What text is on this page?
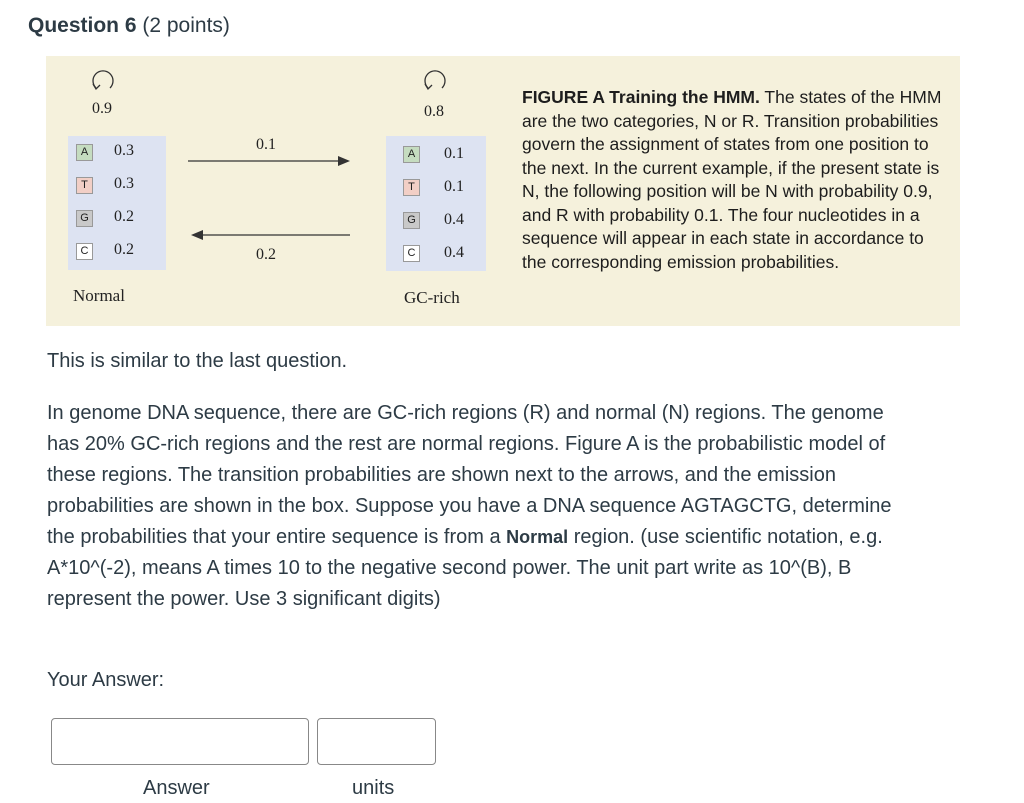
Question 6 (2 points)
0.9
A	0.3
T	0.3
G 0.2
C 0.2
Normal
0.1
0.2
0.8
A	0.1
T	0.1
G 0.4
C 0.4
GC-rich
FIGURE A Training the HMM. The states of the HMM are the two categories, N or R. Transition probabilities govern the assignment of states from one position to the next. In the current example, if the present state is N, the following position will be N with probability 0.9, and R with probability 0.1. The four nucleotides in a sequence will appear in each state in accordance to the corresponding emission probabilities.
This is similar to the last question.
In genome DNA sequence, there are GC-rich regions (R) and normal (N) regions. The genome has 20% GC-rich regions and the rest are normal regions. Figure A is the probabilistic model of these regions. The transition probabilities are shown next to the arrows, and the emission probabilities are shown in the box. Suppose you have a DNA sequence AGTAGCTG, determine the probabilities that your entire sequence is from a Normal region. (use scientific notation, e.g. A*10^(-2), means A times 10 to the negative second power. The unit part write as 10^(B), B represent the power. Use 3 significant digits)
Your Answer:
Answer	units
